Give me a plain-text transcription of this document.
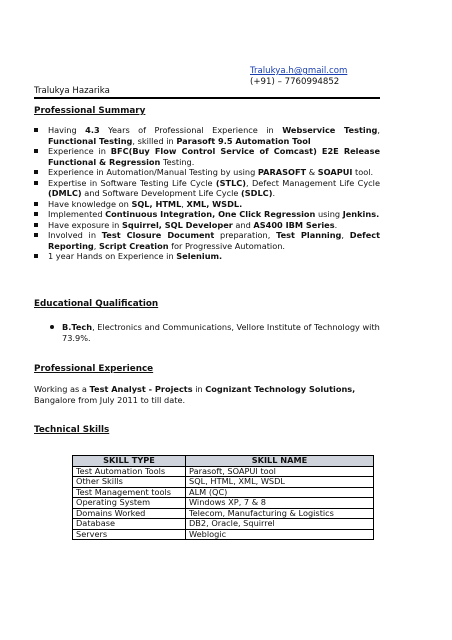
Tralukya.h@gmail.com
(+91) – 7760994852
Tralukya Hazarika
Professional Summary
Having 4.3 Years of Professional Experience in Webservice Testing, Functional Testing, skilled in Parasoft 9.5 Automation Tool
Experience in BFC(Buy Flow Control Service of Comcast) E2E Release Functional & Regression Testing.
Experience in Automation/Manual Testing by using PARASOFT & SOAPUI tool.
Expertise in Software Testing Life Cycle (STLC), Defect Management Life Cycle (DMLC) and Software Development Life Cycle (SDLC).
Have knowledge on SQL, HTML, XML, WSDL.
Implemented Continuous Integration, One Click Regression using Jenkins.
Have exposure in Squirrel, SQL Developer and AS400 IBM Series.
Involved in Test Closure Document preparation, Test Planning, Defect Reporting, Script Creation for Progressive Automation.
1 year Hands on Experience in Selenium.
Educational Qualification
B.Tech, Electronics and Communications, Vellore Institute of Technology with 73.9%.
Professional Experience
Working as a Test Analyst - Projects in Cognizant Technology Solutions, Bangalore from July 2011 to till date.
Technical Skills
SKILL TYPE	SKILL NAME
Test Automation Tools	Parasoft, SOAPUI tool
Other Skills	SQL, HTML, XML, WSDL
Test Management tools	ALM (QC)
Operating System	Windows XP, 7 & 8
Domains Worked	Telecom, Manufacturing & Logistics
Database	DB2, Oracle, Squirrel
Servers	Weblogic
